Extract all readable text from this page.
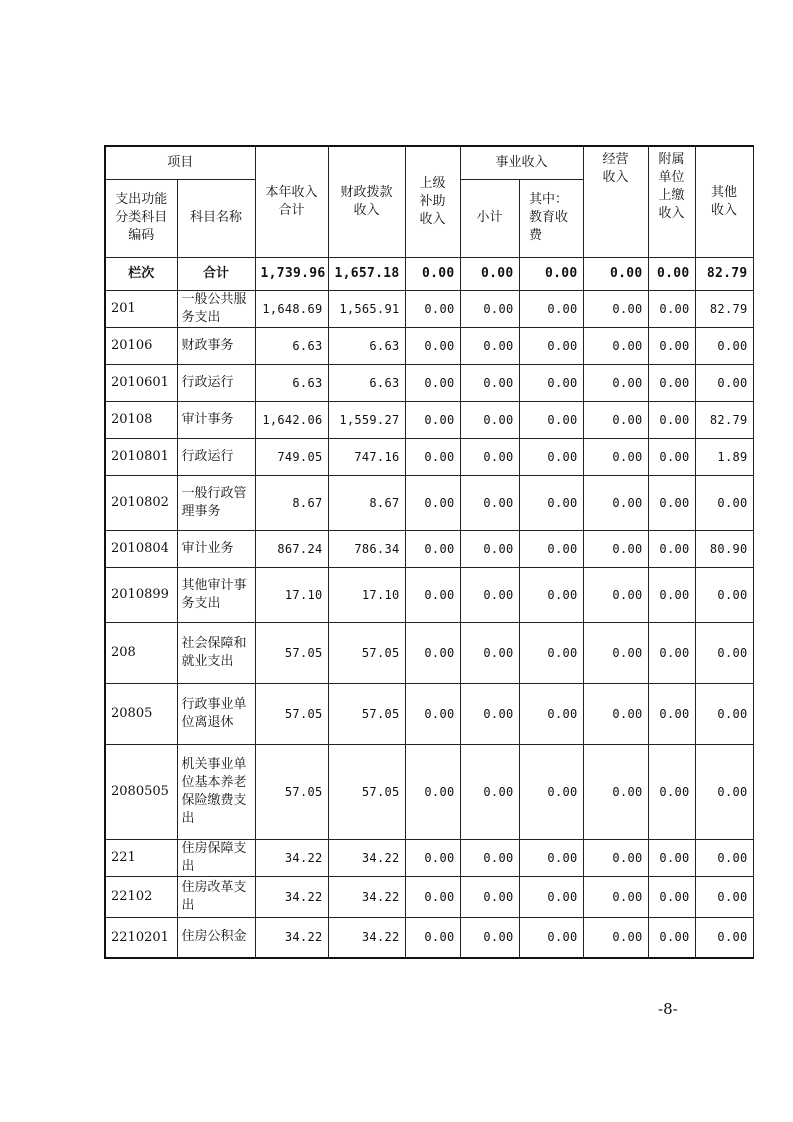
项目		本年收入合计	财政拨款收入	上级补助收入	事业收入		经营收入	附属单位上缴收入	其他收入

支出功能分类科目编码	科目名称				小计	其中：教育收费			

栏次	合计	1,739.96	1,657.18	0.00	0.00	0.00	0.00	0.00	82.79
201	一般公共服务支出	1,648.69	1,565.91	0.00	0.00	0.00	0.00	0.00	82.79
20106	财政事务	6.63	6.63	0.00	0.00	0.00	0.00	0.00	0.00
2010601	行政运行	6.63	6.63	0.00	0.00	0.00	0.00	0.00	0.00
20108	审计事务	1,642.06	1,559.27	0.00	0.00	0.00	0.00	0.00	82.79
2010801	行政运行	749.05	747.16	0.00	0.00	0.00	0.00	0.00	1.89
2010802	一般行政管理事务	8.67	8.67	0.00	0.00	0.00	0.00	0.00	0.00
2010804	审计业务	867.24	786.34	0.00	0.00	0.00	0.00	0.00	80.90
2010899	其他审计事务支出	17.10	17.10	0.00	0.00	0.00	0.00	0.00	0.00
208	社会保障和就业支出	57.05	57.05	0.00	0.00	0.00	0.00	0.00	0.00
20805	行政事业单位离退休	57.05	57.05	0.00	0.00	0.00	0.00	0.00	0.00
2080505	机关事业单位基本养老保险缴费支出	57.05	57.05	0.00	0.00	0.00	0.00	0.00	0.00
221	住房保障支出	34.22	34.22	0.00	0.00	0.00	0.00	0.00	0.00
22102	住房改革支出	34.22	34.22	0.00	0.00	0.00	0.00	0.00	0.00
2210201	住房公积金	34.22	34.22	0.00	0.00	0.00	0.00	0.00	0.00
-8-
